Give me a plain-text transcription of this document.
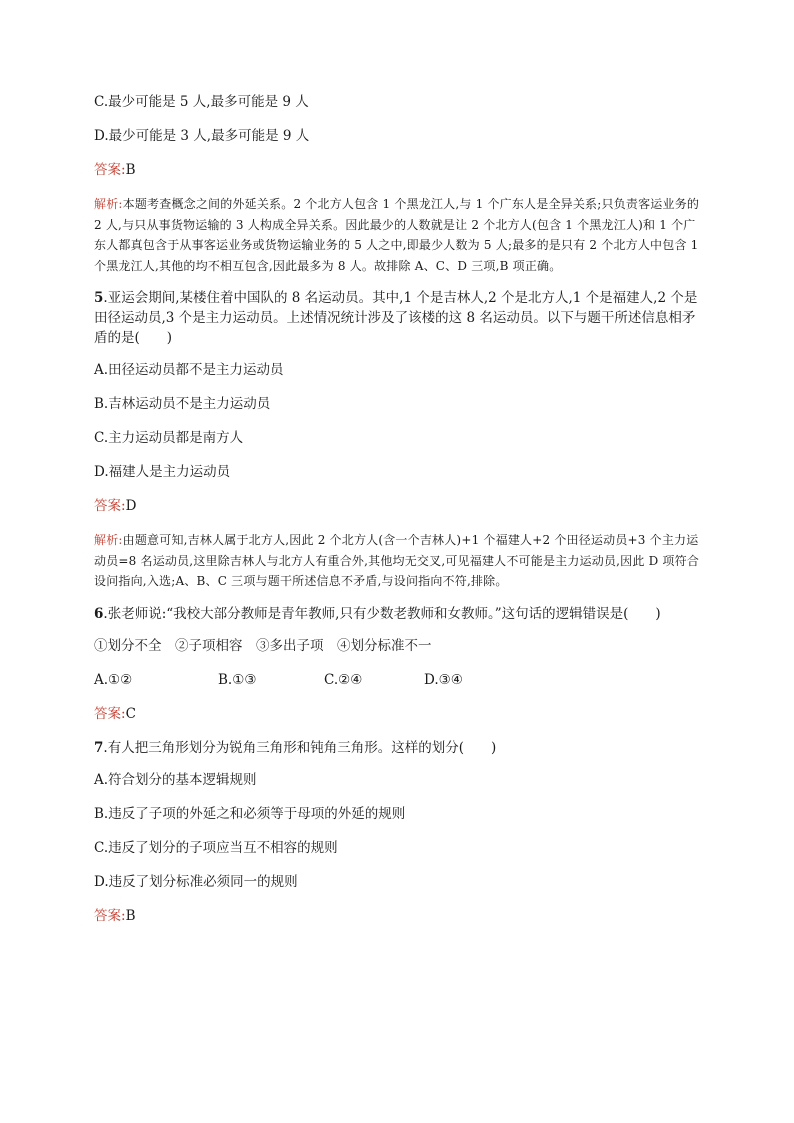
C.最少可能是 5 人,最多可能是 9 人

D.最少可能是 3 人,最多可能是 9 人

答案:B

解析:本题考查概念之间的外延关系。2 个北方人包含 1 个黑龙江人,与 1 个广东人是全异关系;只负责客运业务的 2 人,与只从事货物运输的 3 人构成全异关系。因此最少的人数就是让 2 个北方人(包含 1 个黑龙江人)和 1 个广东人都真包含于从事客运业务或货物运输业务的 5 人之中,即最少人数为 5 人;最多的是只有 2 个北方人中包含 1 个黑龙江人,其他的均不相互包含,因此最多为 8 人。故排除 A、C、D 三项,B 项正确。

5.亚运会期间,某楼住着中国队的 8 名运动员。其中,1 个是吉林人,2 个是北方人,1 个是福建人,2 个是田径运动员,3 个是主力运动员。上述情况统计涉及了该楼的这 8 名运动员。以下与题干所述信息相矛盾的是(　　)

A.田径运动员都不是主力运动员

B.吉林运动员不是主力运动员

C.主力运动员都是南方人

D.福建人是主力运动员

答案:D

解析:由题意可知,吉林人属于北方人,因此 2 个北方人(含一个吉林人)+1 个福建人+2 个田径运动员+3 个主力运动员=8 名运动员,这里除吉林人与北方人有重合外,其他均无交叉,可见福建人不可能是主力运动员,因此 D 项符合设问指向,入选;A、B、C 三项与题干所述信息不矛盾,与设问指向不符,排除。

6.张老师说:“我校大部分教师是青年教师,只有少数老教师和女教师。”这句话的逻辑错误是(　　)

①划分不全　②子项相容　③多出子项　④划分标准不一

A.①②	B.①③	C.②④	D.③④

答案:C

7.有人把三角形划分为锐角三角形和钝角三角形。这样的划分(　　)

A.符合划分的基本逻辑规则

B.违反了子项的外延之和必须等于母项的外延的规则

C.违反了划分的子项应当互不相容的规则

D.违反了划分标准必须同一的规则

答案:B
